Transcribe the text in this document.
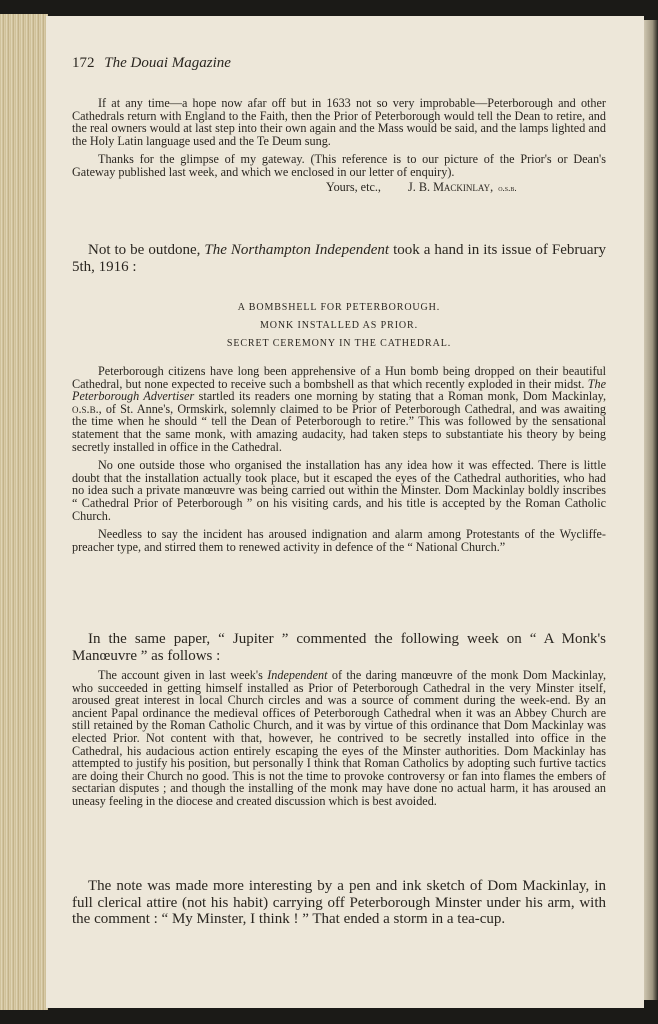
172 The Douai Magazine

If at any time—a hope now afar off but in 1633 not so very improbable—Peterborough and other Cathedrals return with England to the Faith, then the Prior of Peterborough would tell the Dean to retire, and the real owners would at last step into their own again and the Mass would be said, and the lamps lighted and the Holy Latin language used and the Te Deum sung.

Thanks for the glimpse of my gateway. (This reference is to our picture of the Prior's or Dean's Gateway published last week, and which we enclosed in our letter of enquiry).

Yours, etc., J. B. Mackinlay, o.s.b.

Not to be outdone, The Northampton Independent took a hand in its issue of February 5th, 1916 :

A BOMBSHELL FOR PETERBOROUGH.
MONK INSTALLED AS PRIOR.
SECRET CEREMONY IN THE CATHEDRAL.

Peterborough citizens have long been apprehensive of a Hun bomb being dropped on their beautiful Cathedral, but none expected to receive such a bombshell as that which recently exploded in their midst. The Peterborough Advertiser startled its readers one morning by stating that a Roman monk, Dom Mackinlay, o.s.b., of St. Anne's, Ormskirk, solemnly claimed to be Prior of Peterborough Cathedral, and was awaiting the time when he should “ tell the Dean of Peterborough to retire.” This was followed by the sensational statement that the same monk, with amazing audacity, had taken steps to substantiate his theory by being secretly installed in office in the Cathedral.

No one outside those who organised the installation has any idea how it was effected. There is little doubt that the installation actually took place, but it escaped the eyes of the Cathedral authorities, who had no idea such a private manœuvre was being carried out within the Minster. Dom Mackinlay boldly inscribes “ Cathedral Prior of Peterborough ” on his visiting cards, and his title is accepted by the Roman Catholic Church.

Needless to say the incident has aroused indignation and alarm among Protestants of the Wycliffe-preacher type, and stirred them to renewed activity in defence of the “ National Church.”

In the same paper, “ Jupiter ” commented the following week on “ A Monk's Manœuvre ” as follows :

The account given in last week's Independent of the daring manœuvre of the monk Dom Mackinlay, who succeeded in getting himself installed as Prior of Peterborough Cathedral in the very Minster itself, aroused great interest in local Church circles and was a source of comment during the week-end. By an ancient Papal ordinance the medieval offices of Peterborough Cathedral when it was an Abbey Church are still retained by the Roman Catholic Church, and it was by virtue of this ordinance that Dom Mackinlay was elected Prior. Not content with that, however, he contrived to be secretly installed into office in the Cathedral, his audacious action entirely escaping the eyes of the Minster authorities. Dom Mackinlay has attempted to justify his position, but personally I think that Roman Catholics by adopting such furtive tactics are doing their Church no good. This is not the time to provoke controversy or fan into flames the embers of sectarian disputes ; and though the installing of the monk may have done no actual harm, it has aroused an uneasy feeling in the diocese and created discussion which is best avoided.

The note was made more interesting by a pen and ink sketch of Dom Mackinlay, in full clerical attire (not his habit) carrying off Peterborough Minster under his arm, with the comment : “ My Minster, I think ! ” That ended a storm in a tea-cup.
